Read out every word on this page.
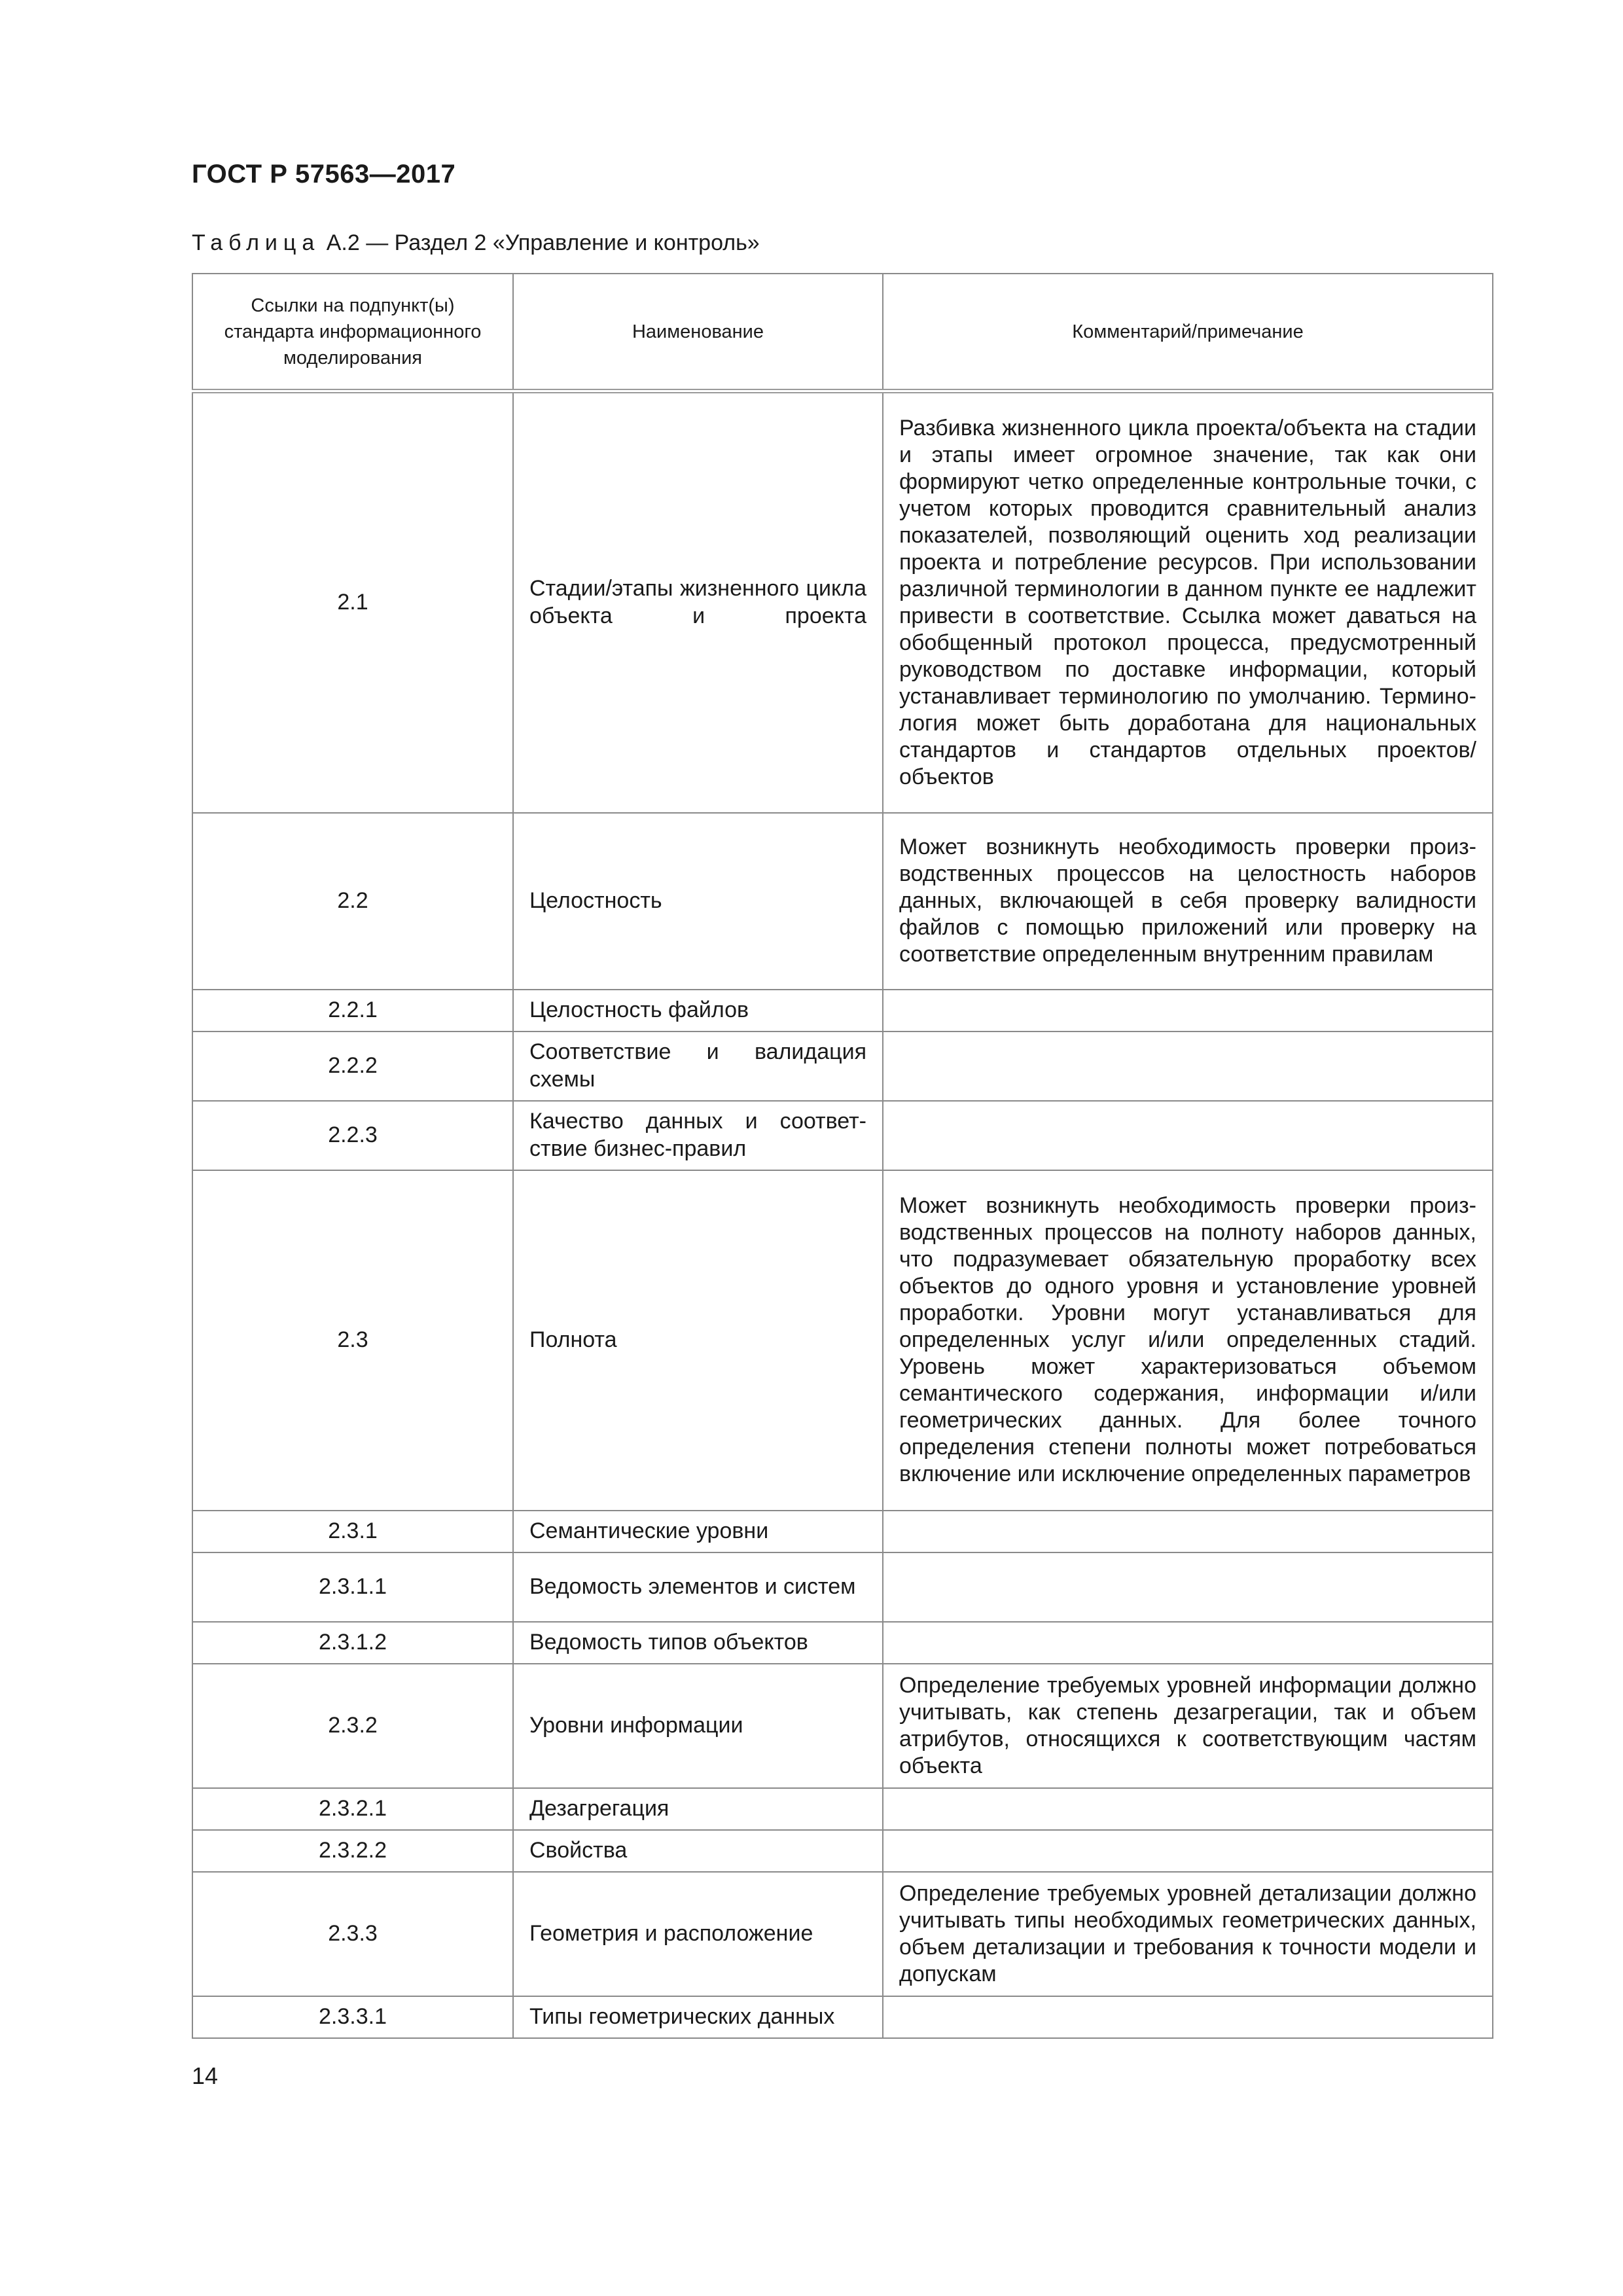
ГОСТ Р 57563—2017
Таблица А.2 — Раздел 2 «Управление и контроль»
Ссылки на подпункт(ы) стандарта информационного моделирования	Наименование	Комментарий/примечание
2.1	Стадии/этапы жизненного цикла объекта и проекта	Разбивка жизненного цикла проекта/объекта на стадии и этапы имеет огромное значение, так как они формируют четко определенные контрольные точки, с учетом которых проводится сравнительный анализ показателей, позволяющий оценить ход реализации проекта и потребление ресурсов. При использовании различной терминологии в данном пункте ее надлежит привести в соответствие. Ссылка может даваться на обобщенный протокол процесса, предусмотренный руководством по доставке информации, который устанавливает терминологию по умолчанию. Терминология может быть доработана для национальных стандартов и стандартов отдельных проектов/ объектов
2.2	Целостность	Может возникнуть необходимость проверки производственных процессов на целостность наборов данных, включающей в себя проверку валидности файлов с помощью приложений или проверку на соответствие определенным внутренним правилам
2.2.1	Целостность файлов	
2.2.2	Соответствие и валидация схемы	
2.2.3	Качество данных и соответствие бизнес-правил	
2.3	Полнота	Может возникнуть необходимость проверки производственных процессов на полноту наборов данных, что подразумевает обязательную проработку всех объектов до одного уровня и установление уровней проработки. Уровни могут устанавливаться для определенных услуг и/или определенных стадий. Уровень может характеризоваться объемом семантического содержания, информации и/или геометрических данных. Для более точного определения степени полноты может потребоваться включение или исключение определенных параметров
2.3.1	Семантические уровни	
2.3.1.1	Ведомость элементов и систем	
2.3.1.2	Ведомость типов объектов	
2.3.2	Уровни информации	Определение требуемых уровней информации должно учитывать, как степень дезагрегации, так и объем атрибутов, относящихся к соответствующим частям объекта
2.3.2.1	Дезагрегация	
2.3.2.2	Свойства	
2.3.3	Геометрия и расположение	Определение требуемых уровней детализации должно учитывать типы необходимых геометрических данных, объем детализации и требования к точности модели и допускам
2.3.3.1	Типы геометрических данных	
14
